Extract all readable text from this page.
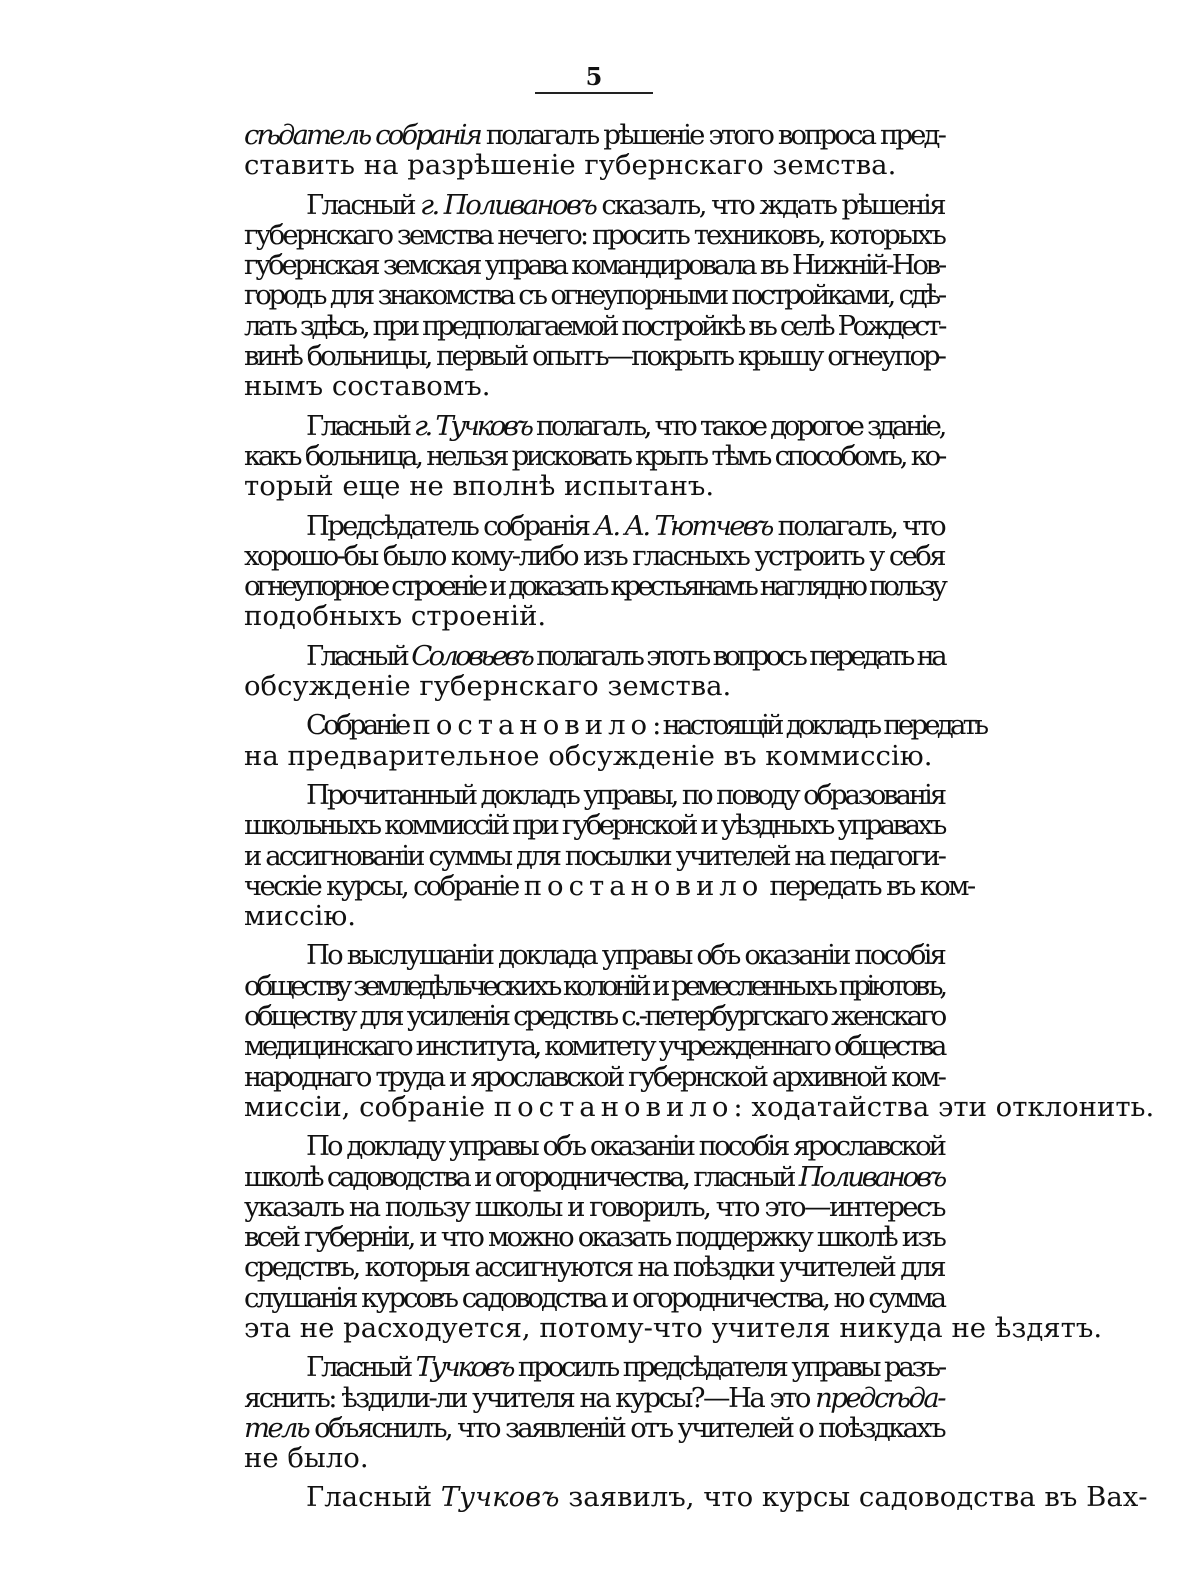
5
сѣдатель собранія полагалъ рѣшеніе этого вопроса пред-
ставить на разрѣшеніе губернскаго земства.
Гласный г. Поливановъ сказалъ, что ждать рѣшенія
губернскаго земства нечего: просить техниковъ, которыхъ
губернская земская управа командировала въ Нижній-Нов-
городъ для знакомства съ огнеупорными постройками, сдѣ-
лать здѣсь, при предполагаемой постройкѣ въ селѣ Рождест-
винѣ больницы, первый опытъ—покрыть крышу огнеупор-
нымъ составомъ.
Гласный г. Тучковъ полагалъ, что такое дорогое зданіе,
какъ больница, нельзя рисковать крыть тѣмъ способомъ, ко-
торый еще не вполнѣ испытанъ.
Предсѣдатель собранія А. А. Тютчевъ полагалъ, что
хорошо-бы было кому-либо изъ гласныхъ устроить у себя
огнеупорное строеніе и доказать крестьянамъ наглядно пользу
подобныхъ строеній.
Гласный Соловьевъ полагалъ этотъ вопросъ передать на
обсужденіе губернскаго земства.
Собраніе постановило: настоящій докладъ передать
на предварительное обсужденіе въ коммиссію.
Прочитанный докладъ управы, по поводу образованія
школьныхъ коммиссій при губернской и уѣздныхъ управахъ
и ассигнованіи суммы для посылки учителей на педагоги-
ческіе курсы, собраніе постановило передать въ ком-
миссію.
По выслушаніи доклада управы объ оказаніи пособія
обществу земледѣльческихъ колоній и ремесленныхъ пріютовъ,
обществу для усиленія средствъ с.-петербургскаго женскаго
медицинскаго института, комитету учрежденнаго общества
народнаго труда и ярославской губернской архивной ком-
миссіи, собраніе постановило: ходатайства эти отклонить.
По докладу управы объ оказаніи пособія ярославской
школѣ садоводства и огородничества, гласный Поливановъ
указалъ на пользу школы и говорилъ, что это—интересъ
всей губерніи, и что можно оказать поддержку школѣ изъ
средствъ, которыя ассигнуются на поѣздки учителей для
слушанія курсовъ садоводства и огородничества, но сумма
эта не расходуется, потому-что учителя никуда не ѣздятъ.
Гласный Тучковъ просилъ предсѣдателя управы разъ-
яснить: ѣздили-ли учителя на курсы?—На это предсѣда-
тель объяснилъ, что заявленій отъ учителей о поѣздкахъ
не было.
Гласный Тучковъ заявилъ, что курсы садоводства въ Вах-
